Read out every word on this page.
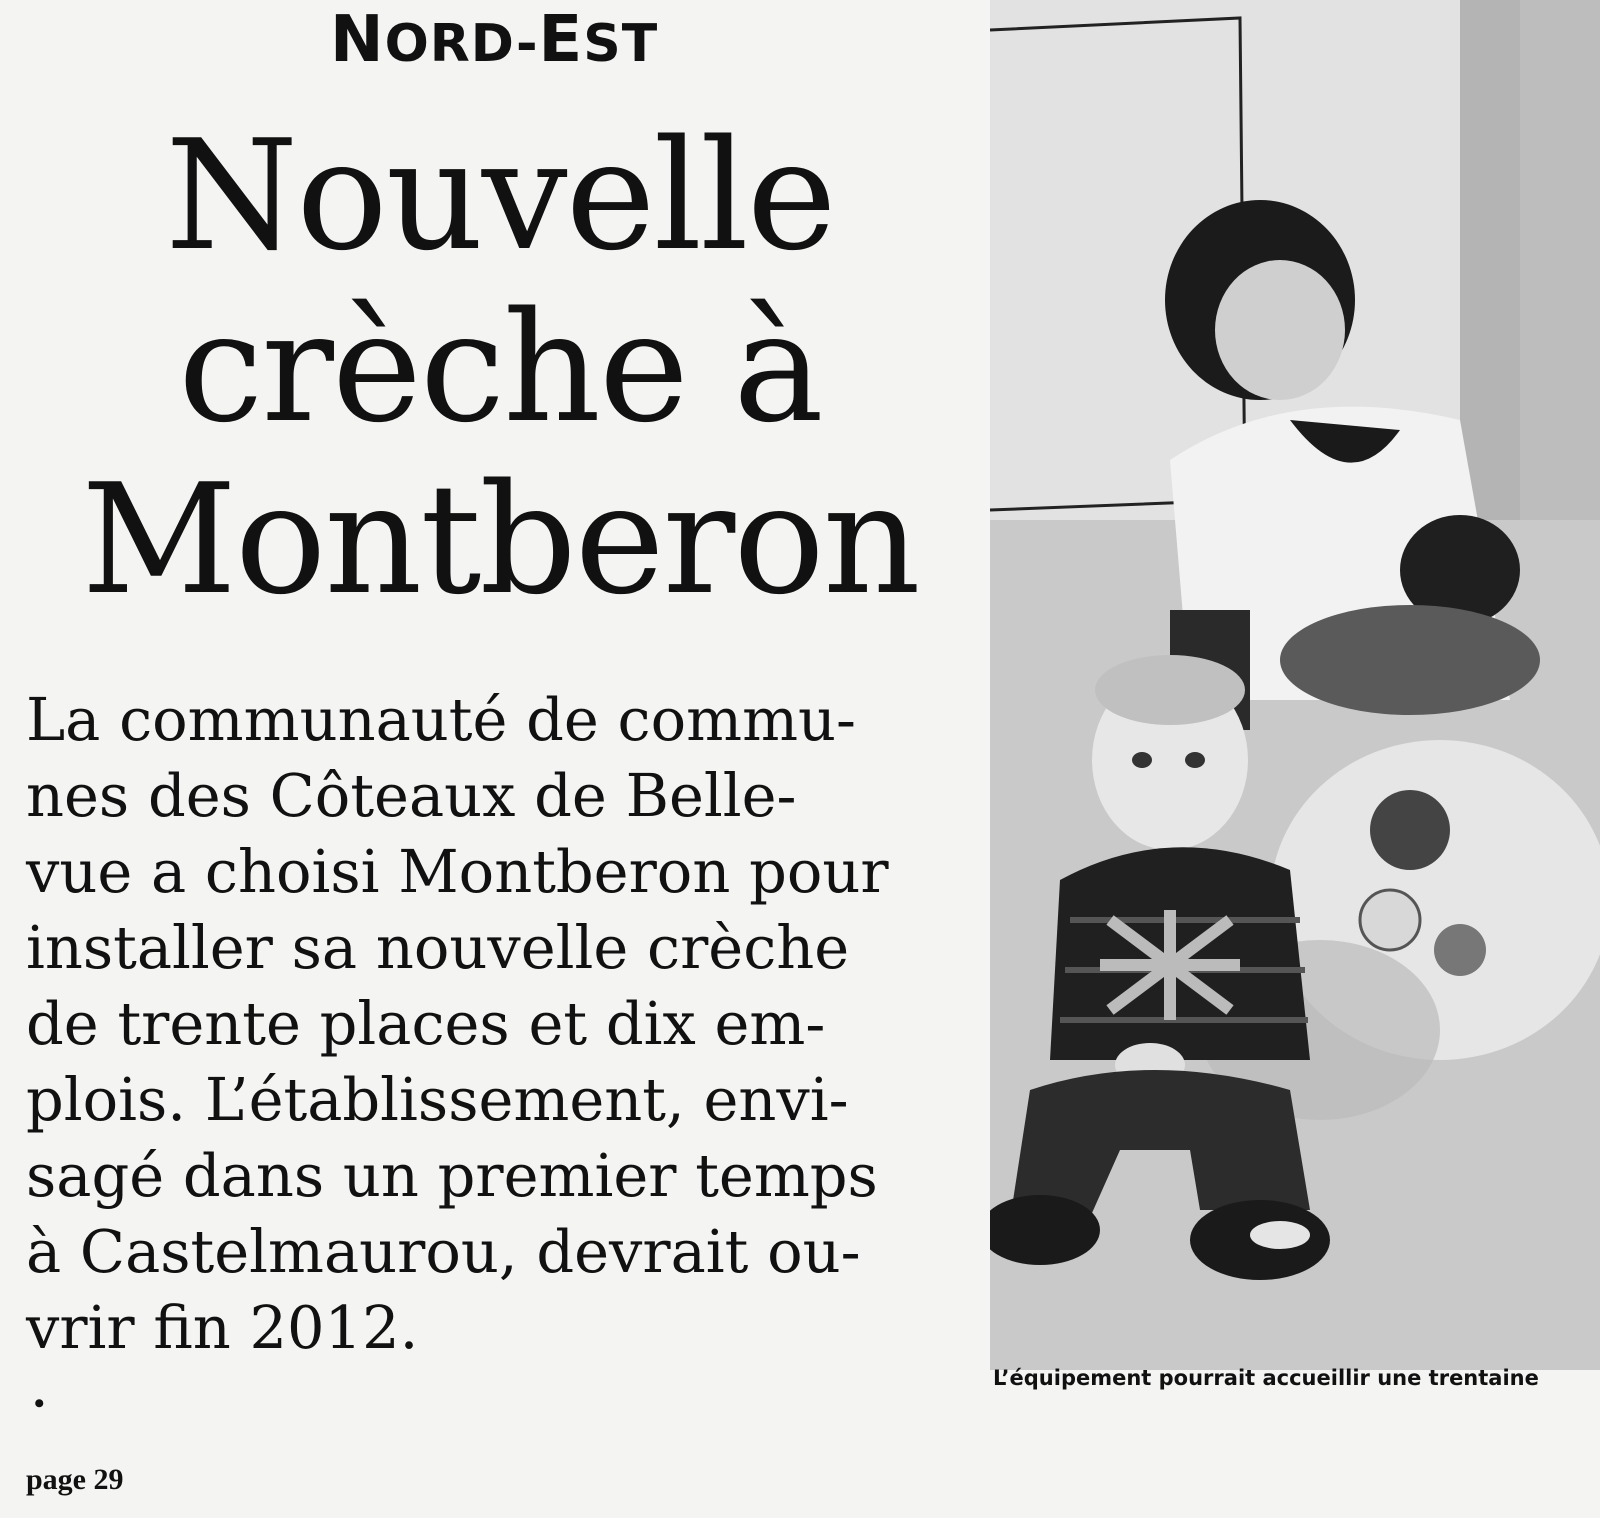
NORD-EST
Nouvelle
crèche à
Montberon

La communauté de commu-
nes des Côteaux de Belle-
vue a choisi Montberon pour
installer sa nouvelle crèche
de trente places et dix em-
plois. L’établissement, envi-
sagé dans un premier temps
à Castelmaurou, devrait ou-
vrir fin 2012.
•
page 29

L’équipement pourrait accueillir une trentaine
